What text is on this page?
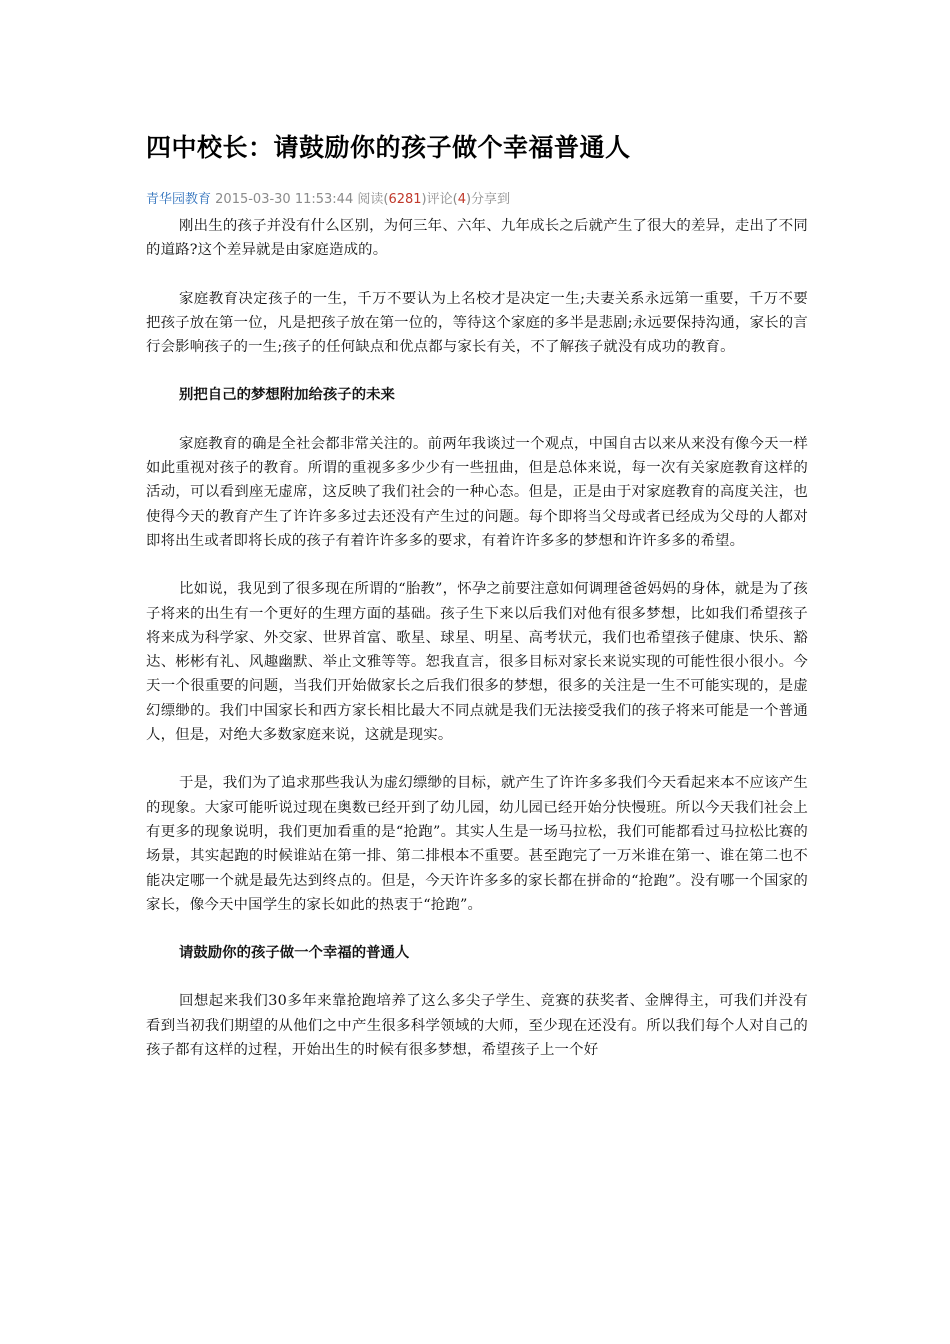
四中校长：请鼓励你的孩子做个幸福普通人
青华园教育 2015-03-30 11:53:44 阅读(6281)评论(4)分享到

刚出生的孩子并没有什么区别，为何三年、六年、九年成长之后就产生了很大的差异，走出了不同的道路?这个差异就是由家庭造成的。

家庭教育决定孩子的一生，千万不要认为上名校才是决定一生;夫妻关系永远第一重要，千万不要把孩子放在第一位，凡是把孩子放在第一位的，等待这个家庭的多半是悲剧;永远要保持沟通，家长的言行会影响孩子的一生;孩子的任何缺点和优点都与家长有关，不了解孩子就没有成功的教育。

别把自己的梦想附加给孩子的未来

家庭教育的确是全社会都非常关注的。前两年我谈过一个观点，中国自古以来从来没有像今天一样如此重视对孩子的教育。所谓的重视多多少少有一些扭曲，但是总体来说，每一次有关家庭教育这样的活动，可以看到座无虚席，这反映了我们社会的一种心态。但是，正是由于对家庭教育的高度关注，也使得今天的教育产生了许许多多过去还没有产生过的问题。每个即将当父母或者已经成为父母的人都对即将出生或者即将长成的孩子有着许许多多的要求，有着许许多多的梦想和许许多多的希望。

比如说，我见到了很多现在所谓的“胎教”，怀孕之前要注意如何调理爸爸妈妈的身体，就是为了孩子将来的出生有一个更好的生理方面的基础。孩子生下来以后我们对他有很多梦想，比如我们希望孩子将来成为科学家、外交家、世界首富、歌星、球星、明星、高考状元，我们也希望孩子健康、快乐、豁达、彬彬有礼、风趣幽默、举止文雅等等。恕我直言，很多目标对家长来说实现的可能性很小很小。今天一个很重要的问题，当我们开始做家长之后我们很多的梦想，很多的关注是一生不可能实现的，是虚幻缥缈的。我们中国家长和西方家长相比最大不同点就是我们无法接受我们的孩子将来可能是一个普通人，但是，对绝大多数家庭来说，这就是现实。

于是，我们为了追求那些我认为虚幻缥缈的目标，就产生了许许多多我们今天看起来本不应该产生的现象。大家可能听说过现在奥数已经开到了幼儿园，幼儿园已经开始分快慢班。所以今天我们社会上有更多的现象说明，我们更加看重的是“抢跑”。其实人生是一场马拉松，我们可能都看过马拉松比赛的场景，其实起跑的时候谁站在第一排、第二排根本不重要。甚至跑完了一万米谁在第一、谁在第二也不能决定哪一个就是最先达到终点的。但是，今天许许多多的家长都在拼命的“抢跑”。没有哪一个国家的家长，像今天中国学生的家长如此的热衷于“抢跑”。

请鼓励你的孩子做一个幸福的普通人

回想起来我们30多年来靠抢跑培养了这么多尖子学生、竞赛的获奖者、金牌得主，可我们并没有看到当初我们期望的从他们之中产生很多科学领域的大师，至少现在还没有。所以我们每个人对自己的孩子都有这样的过程，开始出生的时候有很多梦想，希望孩子上一个好
